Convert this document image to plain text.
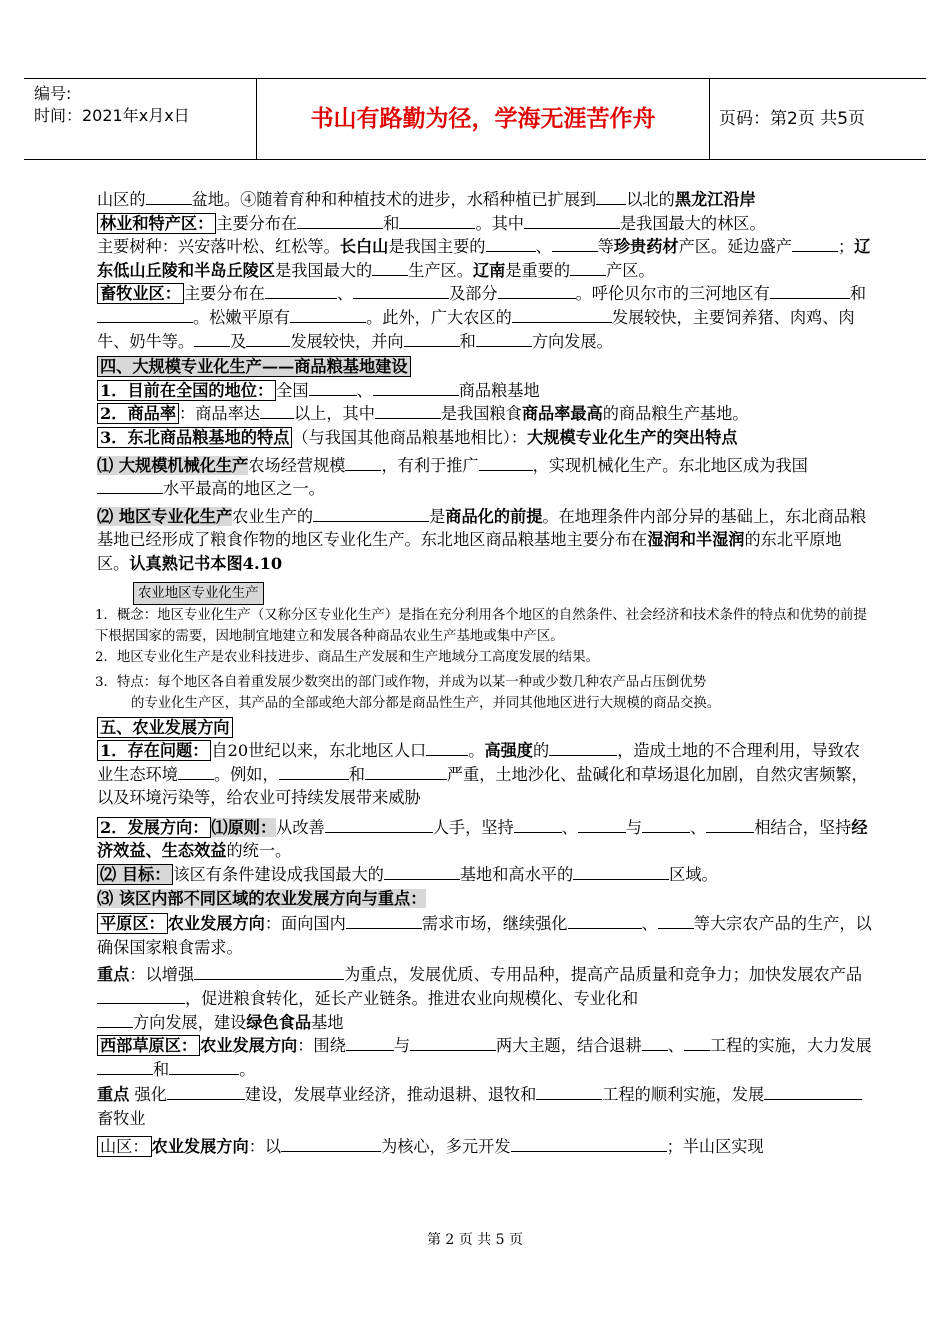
编号:
时间：2021年x月x日	书山有路勤为径，学海无涯苦作舟	页码：第2页 共5页

山区的	盆地。④随着育种和种植技术的进步，水稻种植已扩展到 以北的黑龙江沿岸

林业和特产区： 主要分布在	和	。其中	是我国最大的林区。

主要树种：兴安落叶松、红松等。长白山是我国主要的	、	等珍贵药材产区。延边盛产	；辽东低山丘陵和半岛丘陵区是我国最大的 生产区。辽南是重要的 产区。

畜牧业区： 主要分布在	、	及部分	。呼伦贝尔市的三河地区有	和。松嫩平原有	。此外，广大农区的	发展较快，主要饲养猪、肉鸡、肉牛、奶牛等。 及	发展较快，并向	和	方向发展。

四、大规模专业化生产——商品粮基地建设

1．目前在全国的地位： 全国	、	商品粮基地

2．商品率 ：商品率达 以上，其中	是我国粮食商品率最高的商品粮生产基地。

3．东北商品粮基地的特点 （与我国其他商品粮基地相比）：大规模专业化生产的突出特点

⑴ 大规模机械化生产农场经营规模 ，有利于推广	，实现机械化生产。东北地区成为我国水平最高的地区之一。

⑵ 地区专业化生产农业生产的	是商品化的前提。在地理条件内部分异的基础上，东北商品粮基地已经形成了粮食作物的地区专业化生产。东北地区商品粮基地主要分布在湿润和半湿润的东北平原地区。认真熟记书本图4.10

农业地区专业化生产

1．概念：地区专业化生产（又称分区专业化生产）是指在充分利用各个地区的自然条件、社会经济和技术条件的特点和优势的前提下根据国家的需要，因地制宜地建立和发展各种商品农业生产基地或集中产区。

2．地区专业化生产是农业科技进步、商品生产发展和生产地域分工高度发展的结果。

3．特点：每个地区各自着重发展少数突出的部门或作物，并成为以某一种或少数几种农产品占压倒优势

的专业化生产区，其产品的全部或绝大部分都是商品性生产，并同其他地区进行大规模的商品交换。

五、农业发展方向

1．存在问题： 自20世纪以来，东北地区人口	。高强度的	，造成土地的不合理利用，导致农业生态环境 。例如，	和	严重，土地沙化、盐碱化和草场退化加剧，自然灾害频繁，以及环境污染等，给农业可持续发展带来威胁

2．发展方向： ⑴原则：从改善	人手，坚持	、	与	、	相结合，坚持经济效益、生态效益的统一。

⑵ 目标： 该区有条件建设成我国最大的	基地和高水平的	区域。

⑶ 该区内部不同区域的农业发展方向与重点：

平原区： 农业发展方向：面向国内	需求市场，继续强化	、 等大宗农产品的生产，以确保国家粮食需求。

重点：以增强	为重点，发展优质、专用品种，提高产品质量和竞争力；加快发展农产品，促进粮食转化，延长产业链条。推进农业向规模化、专业化和

方向发展，建设绿色食品基地

西部草原区： 农业发展方向：围绕	与	两大主题，结合退耕 、 工程的实施，大力发展和	。

重点 强化	建设，发展草业经济，推动退耕、退牧和	工程的顺利实施，发展畜牧业

山区： 农业发展方向：以	为核心，多元开发	；半山区实现

第 2 页 共 5 页
